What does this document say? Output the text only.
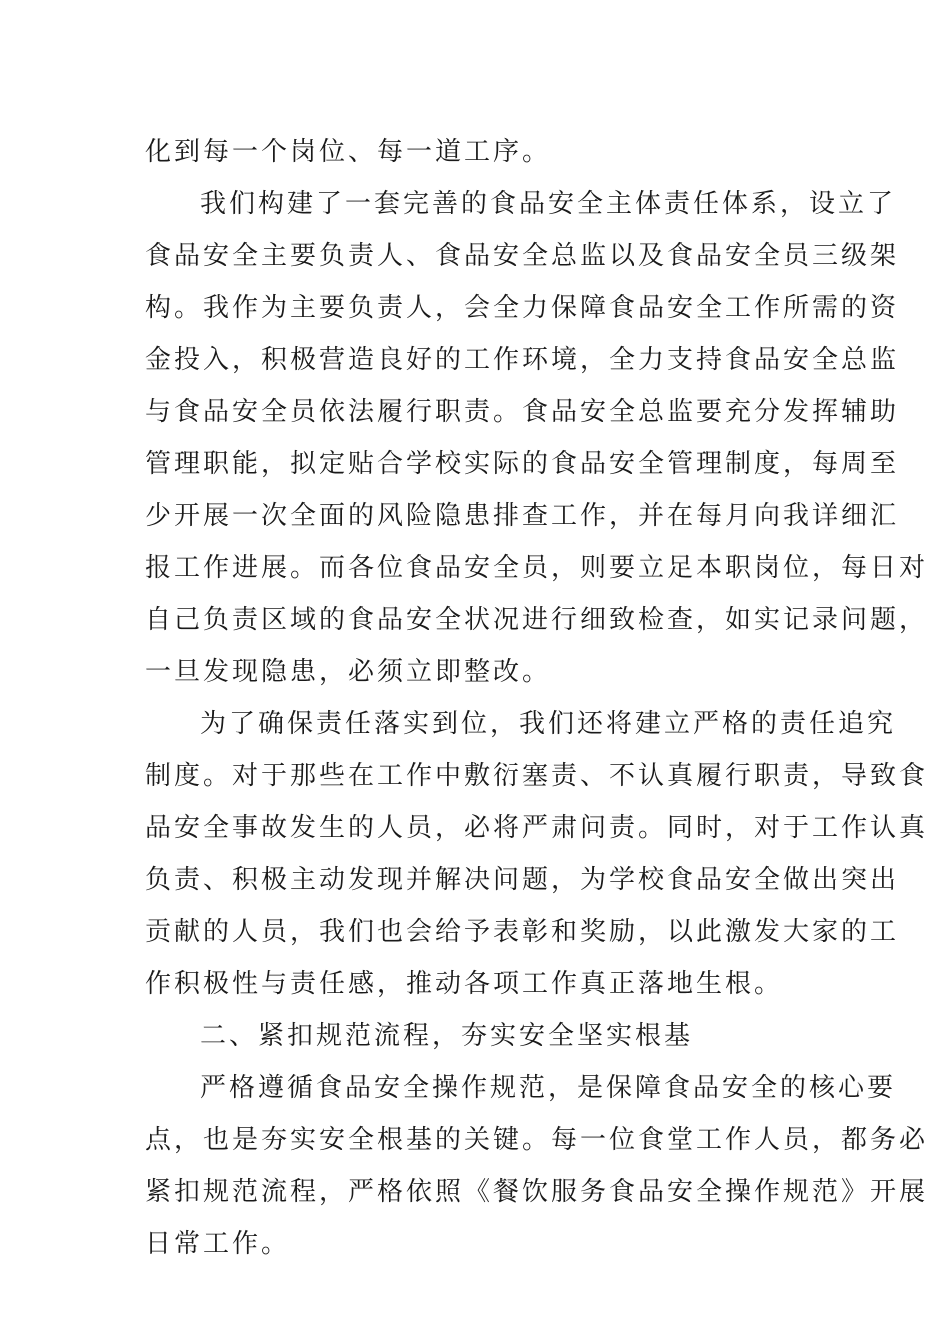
化到每一个岗位、每一道工序。
我们构建了一套完善的食品安全主体责任体系，设立了
食品安全主要负责人、食品安全总监以及食品安全员三级架
构。我作为主要负责人，会全力保障食品安全工作所需的资
金投入，积极营造良好的工作环境，全力支持食品安全总监
与食品安全员依法履行职责。食品安全总监要充分发挥辅助
管理职能，拟定贴合学校实际的食品安全管理制度，每周至
少开展一次全面的风险隐患排查工作，并在每月向我详细汇
报工作进展。而各位食品安全员，则要立足本职岗位，每日对
自己负责区域的食品安全状况进行细致检查，如实记录问题，
一旦发现隐患，必须立即整改。
为了确保责任落实到位，我们还将建立严格的责任追究
制度。对于那些在工作中敷衍塞责、不认真履行职责，导致食
品安全事故发生的人员，必将严肃问责。同时，对于工作认真
负责、积极主动发现并解决问题，为学校食品安全做出突出
贡献的人员，我们也会给予表彰和奖励，以此激发大家的工
作积极性与责任感，推动各项工作真正落地生根。
二、紧扣规范流程，夯实安全坚实根基
严格遵循食品安全操作规范，是保障食品安全的核心要
点，也是夯实安全根基的关键。每一位食堂工作人员，都务必
紧扣规范流程，严格依照《餐饮服务食品安全操作规范》开展
日常工作。
